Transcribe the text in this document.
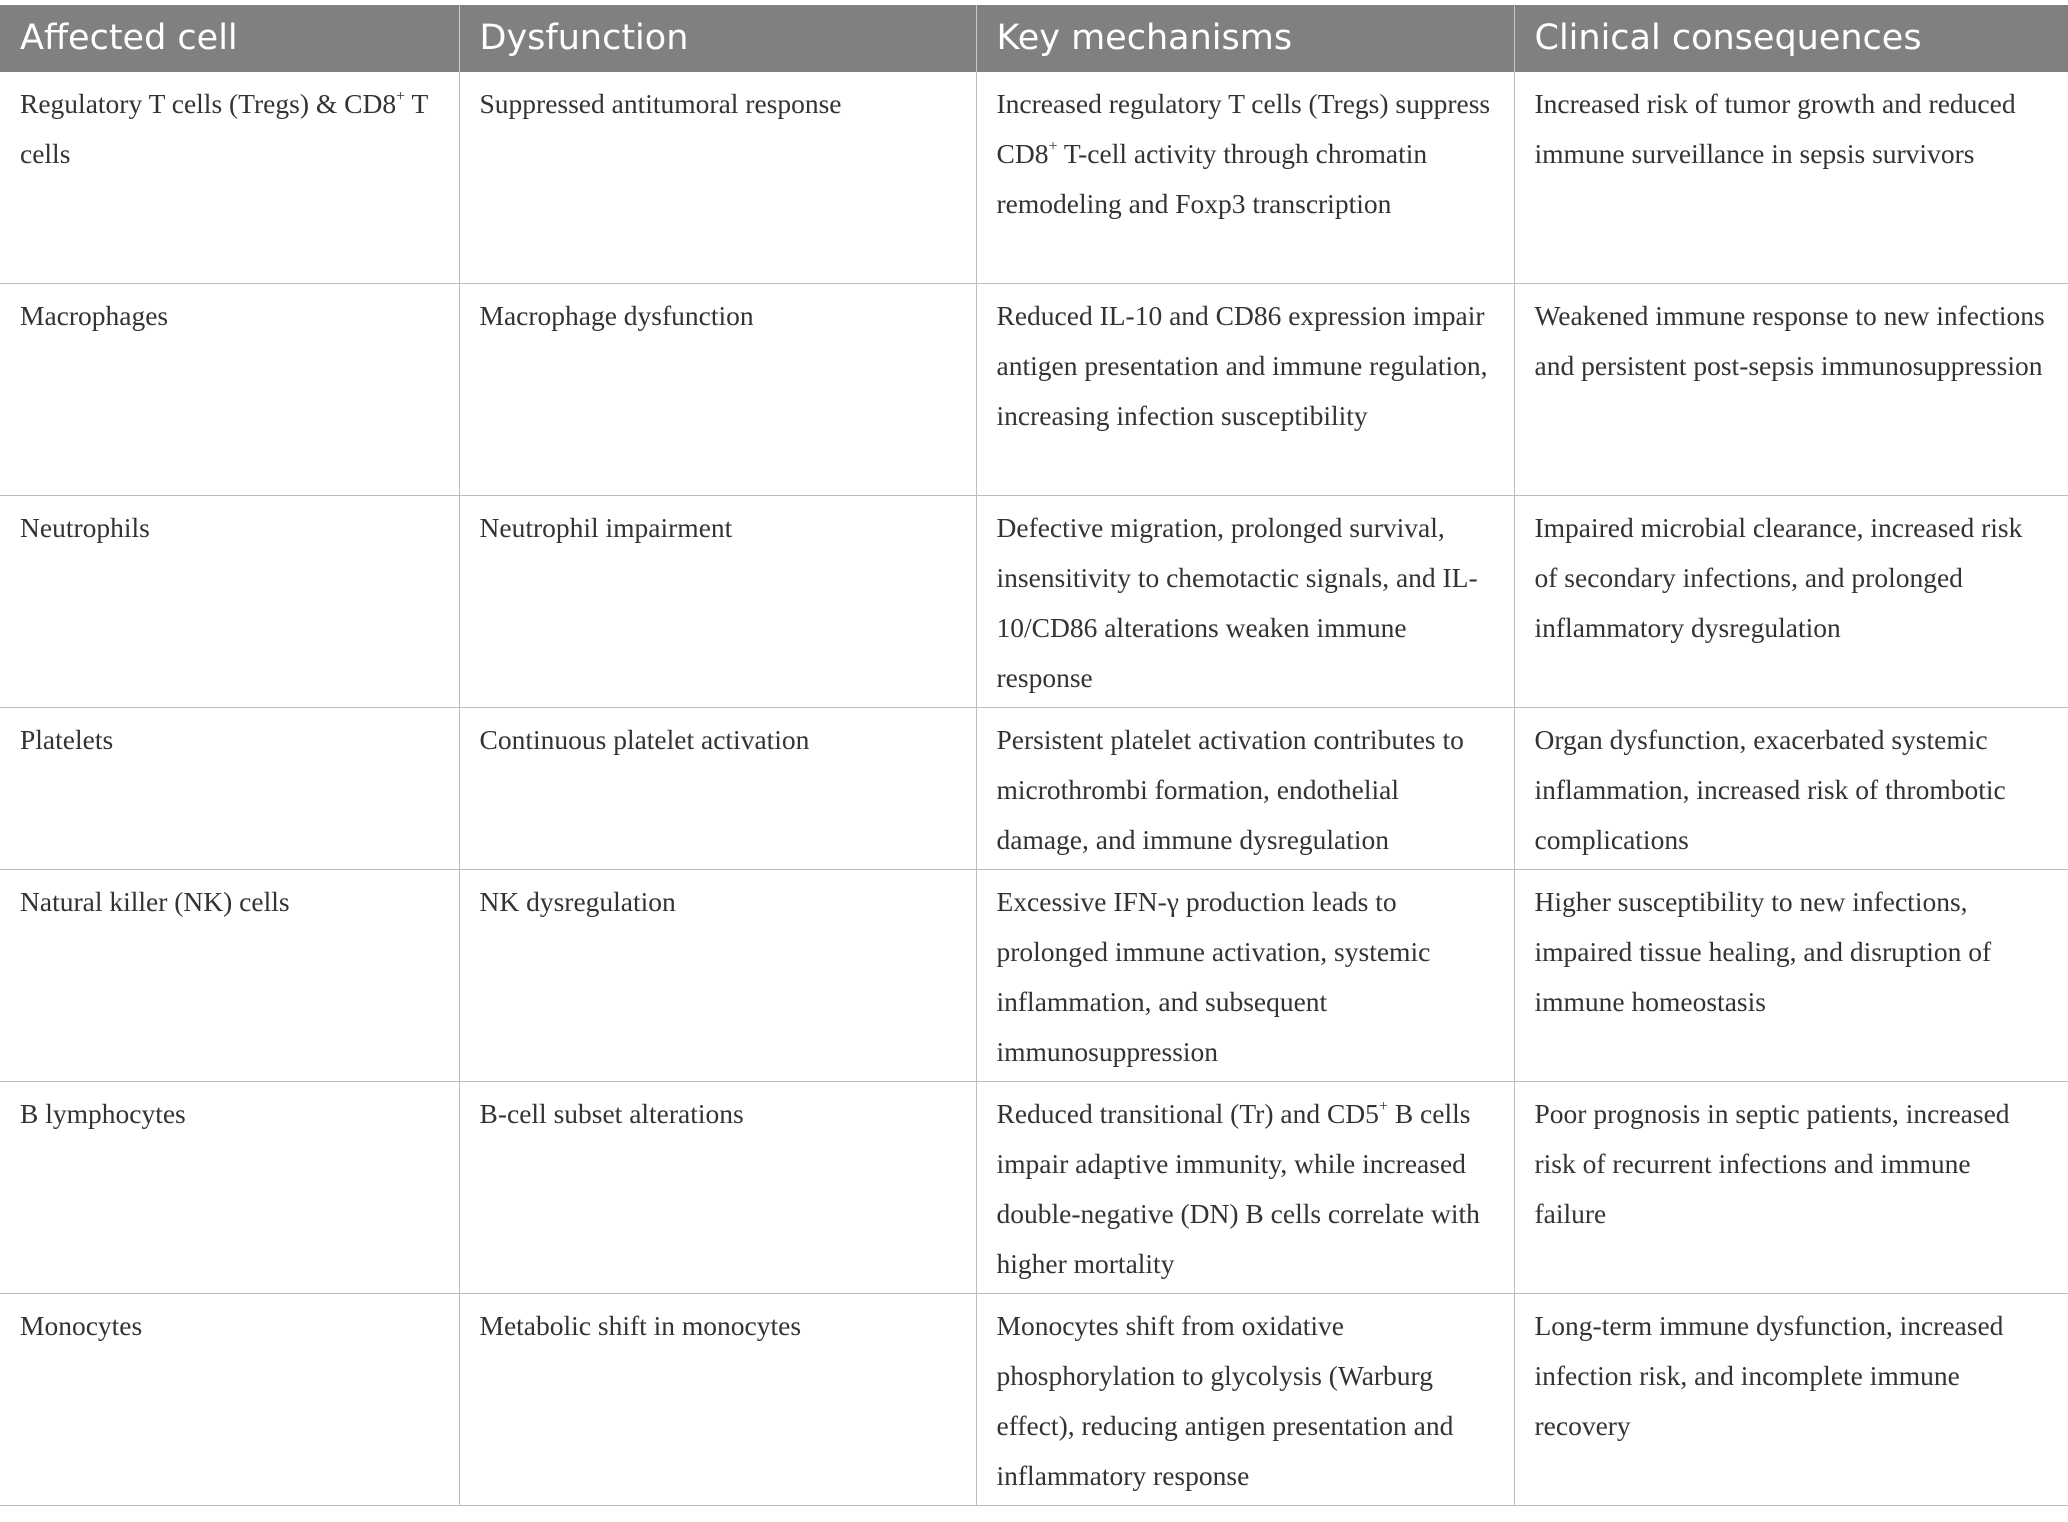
Affected cell	Dysfunction	Key mechanisms	Clinical consequences
Regulatory T cells (Tregs) & CD8+ T cells	Suppressed antitumoral response	Increased regulatory T cells (Tregs) suppress CD8+ T-cell activity through chromatin remodeling and Foxp3 transcription	Increased risk of tumor growth and reduced immune surveillance in sepsis survivors
Macrophages	Macrophage dysfunction	Reduced IL-10 and CD86 expression impair antigen presentation and immune regulation, increasing infection susceptibility	Weakened immune response to new infections and persistent post-sepsis immunosuppression
Neutrophils	Neutrophil impairment	Defective migration, prolonged survival, insensitivity to chemotactic signals, and IL-10/CD86 alterations weaken immune response	Impaired microbial clearance, increased risk of secondary infections, and prolonged inflammatory dysregulation
Platelets	Continuous platelet activation	Persistent platelet activation contributes to microthrombi formation, endothelial damage, and immune dysregulation	Organ dysfunction, exacerbated systemic inflammation, increased risk of thrombotic complications
Natural killer (NK) cells	NK dysregulation	Excessive IFN-γ production leads to prolonged immune activation, systemic inflammation, and subsequent immunosuppression	Higher susceptibility to new infections, impaired tissue healing, and disruption of immune homeostasis
B lymphocytes	B-cell subset alterations	Reduced transitional (Tr) and CD5+ B cells impair adaptive immunity, while increased double-negative (DN) B cells correlate with higher mortality	Poor prognosis in septic patients, increased risk of recurrent infections and immune failure
Monocytes	Metabolic shift in monocytes	Monocytes shift from oxidative phosphorylation to glycolysis (Warburg effect), reducing antigen presentation and inflammatory response	Long-term immune dysfunction, increased infection risk, and incomplete immune recovery
